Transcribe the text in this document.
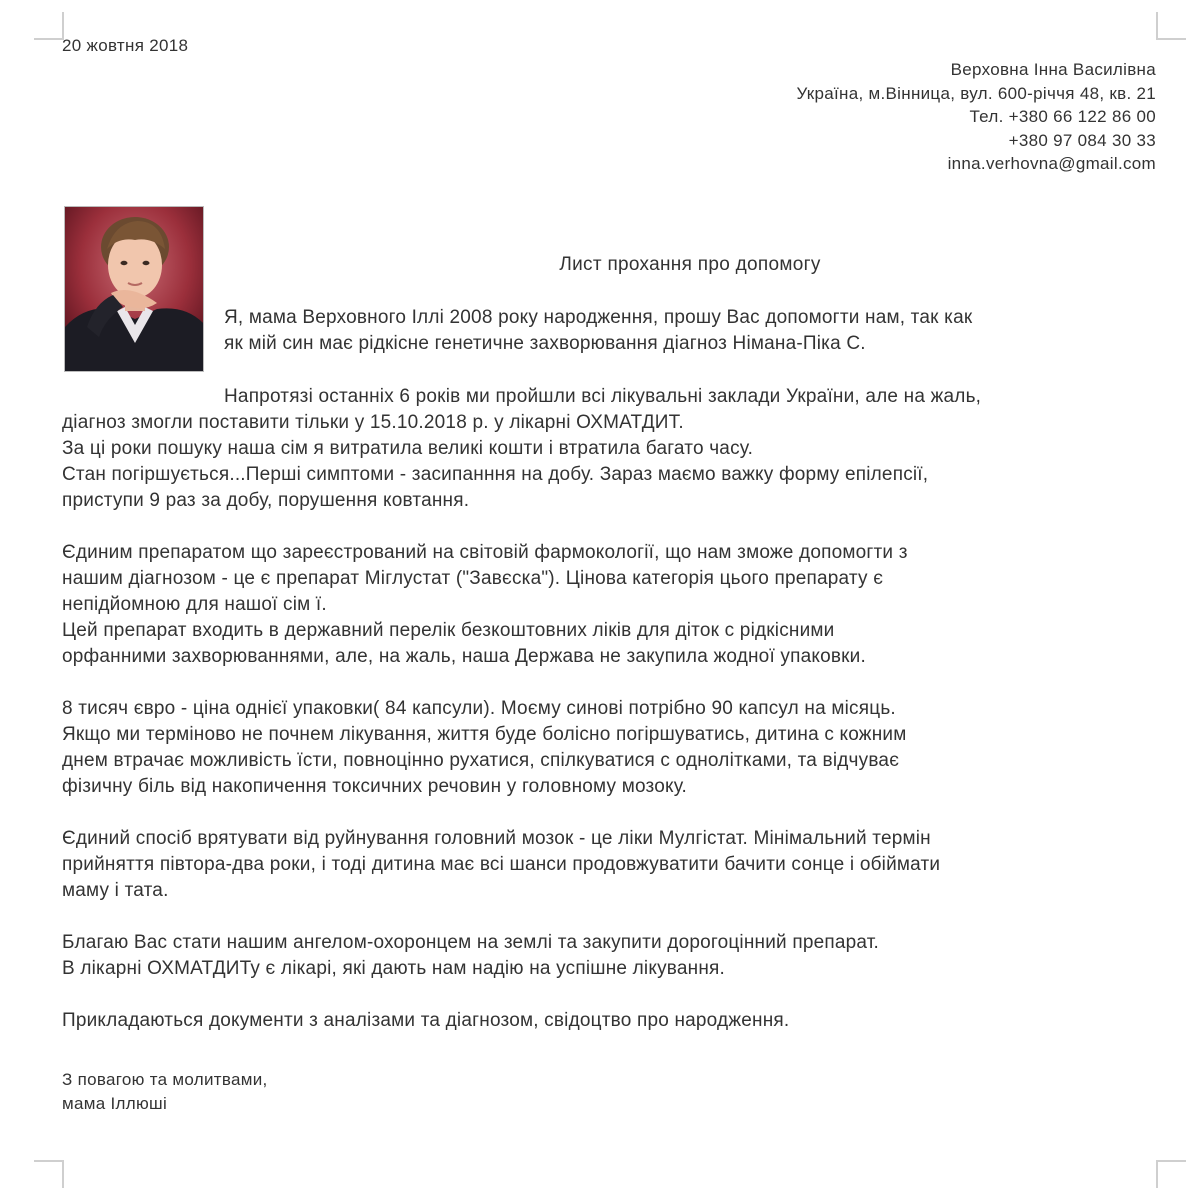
20 жовтня 2018
Верховна Інна Василівна
Україна, м.Вінница, вул. 600-річчя 48, кв. 21
Тел. +380 66 122 86 00
+380 97 084 30 33
inna.verhovna@gmail.com
Лист прохання про допомогу
Я, мама Верховного Іллі 2008 року народження, прошу Вас допомогти нам, так как
як мій син має рідкісне генетичне захворювання діагноз Німана-Піка С.
Напротязі останніх 6 років ми пройшли всі лікувальні заклади України, але на жаль,
діагноз змогли поставити тільки у 15.10.2018 р. у лікарні ОХМАТДИТ.
За ці роки пошуку наша сім я витратила великі кошти і втратила багато часу.
Стан погіршується...Перші симптоми - засипанння на добу. Зараз маємо важку форму епілепсії,
приступи 9 раз за добу, порушення ковтання.
Єдиним препаратом що зареєстрований на світовій фармокології, що нам зможе допомогти з
нашим діагнозом - це є препарат Міглустат ("Завєска"). Цінова категорія цього препарату є
непідйомною для нашої сім ї.
Цей препарат входить в державний перелік безкоштовних ліків для діток с рідкісними
орфанними захворюваннями, але, на жаль, наша Держава не закупила жодної упаковки.
8 тисяч євро - ціна однієї упаковки( 84 капсули). Моєму синові потрібно 90 капсул на місяць.
Якщо ми терміново не почнем лікування, життя буде болісно погіршуватись, дитина с кожним
днем втрачає можливість їсти, повноцінно рухатися, спілкуватися с однолітками, та відчуває
фізичну біль від накопичення токсичних речовин у головному мозоку.
Єдиний спосіб врятувати від руйнування головний мозок - це ліки Мулгістат. Мінімальний термін
прийняття півтора-два роки, і тоді дитина має всі шанси продовжуватити бачити сонце і обіймати
маму і тата.
Благаю Вас стати нашим ангелом-охоронцем на землі та закупити дорогоцінний препарат.
В лікарні ОХМАТДИТу є лікарі, які дають нам надію на успішне лікування.
Прикладаються документи з аналізами та діагнозом, свідоцтво про народження.
З повагою та молитвами,
мама Іллюші
